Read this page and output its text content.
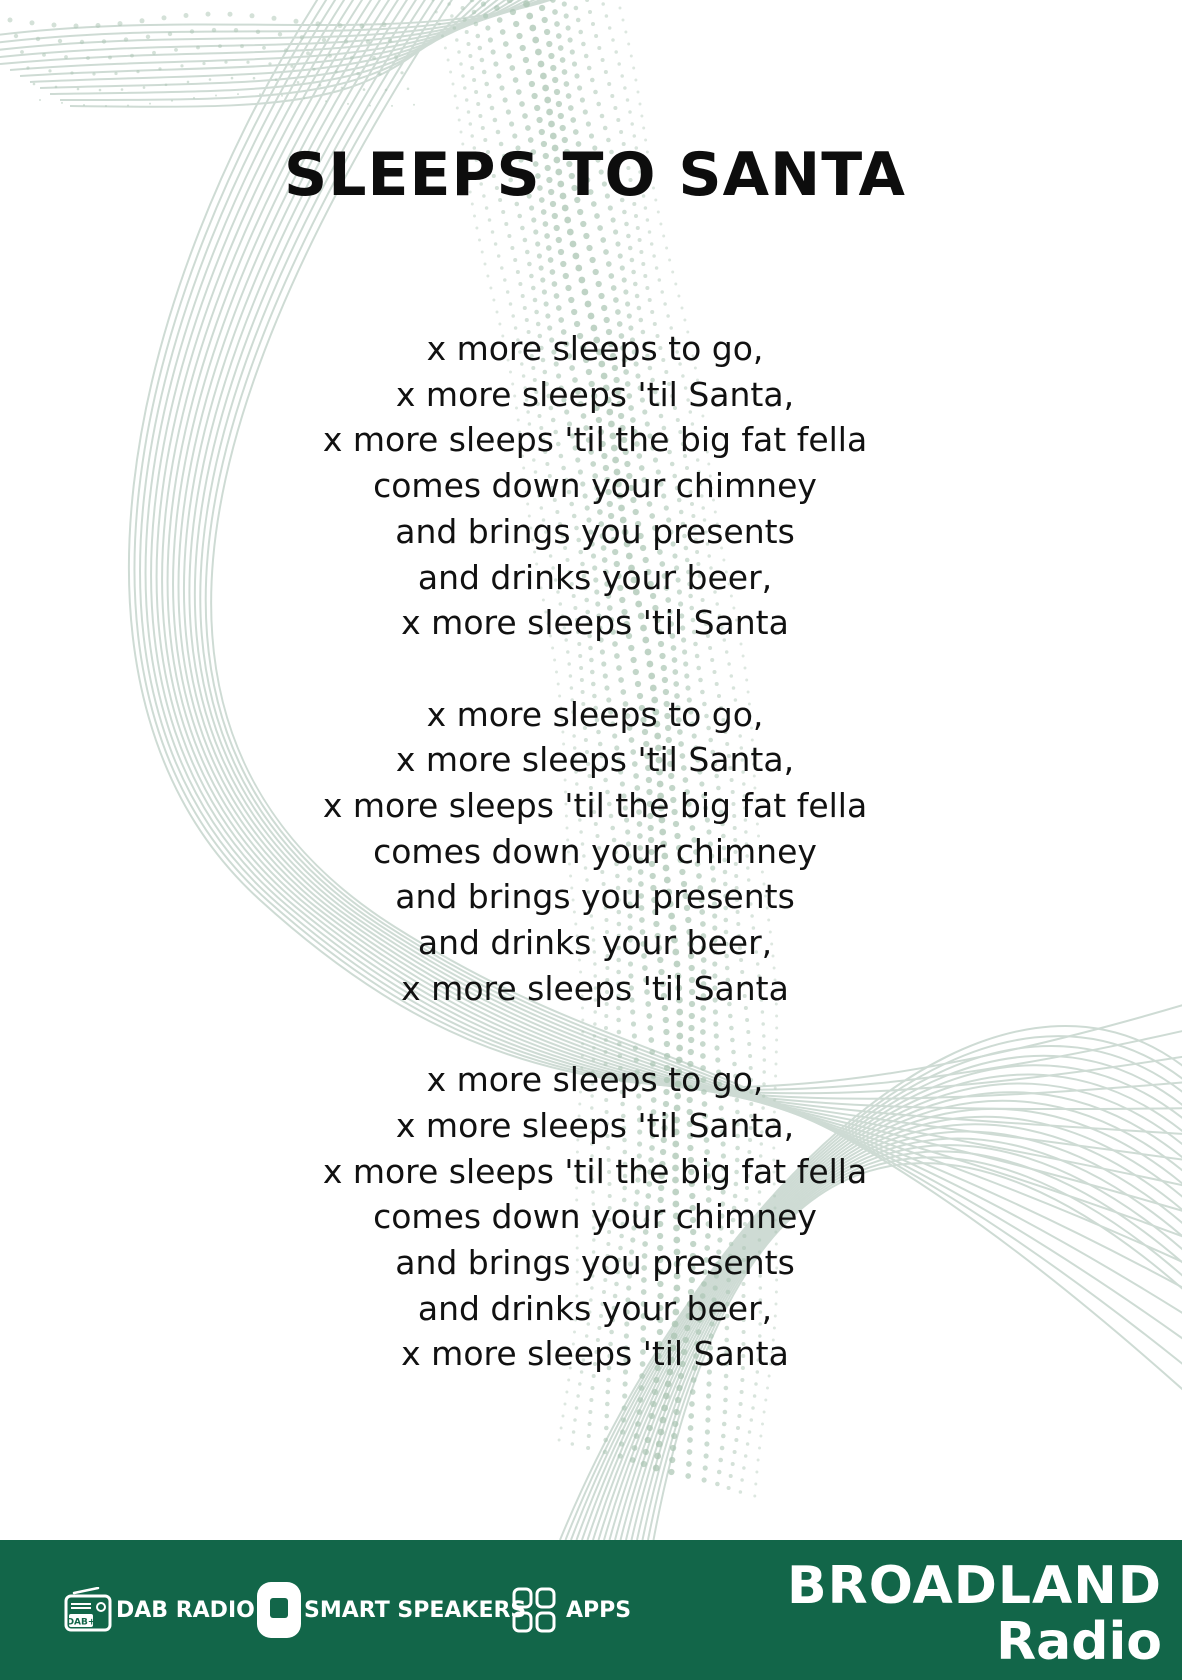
SLEEPS TO SANTA
x more sleeps to go,
x more sleeps 'til Santa,
x more sleeps 'til the big fat fella
comes down your chimney
and brings you presents
and drinks your beer,
x more sleeps 'til Santa
x more sleeps to go,
x more sleeps 'til Santa,
x more sleeps 'til the big fat fella
comes down your chimney
and brings you presents
and drinks your beer,
x more sleeps 'til Santa
x more sleeps to go,
x more sleeps 'til Santa,
x more sleeps 'til the big fat fella
comes down your chimney
and brings you presents
and drinks your beer,
x more sleeps 'til Santa
DAB+ DAB RADIO SMART SPEAKERS APPS	BROADLAND
Radio
